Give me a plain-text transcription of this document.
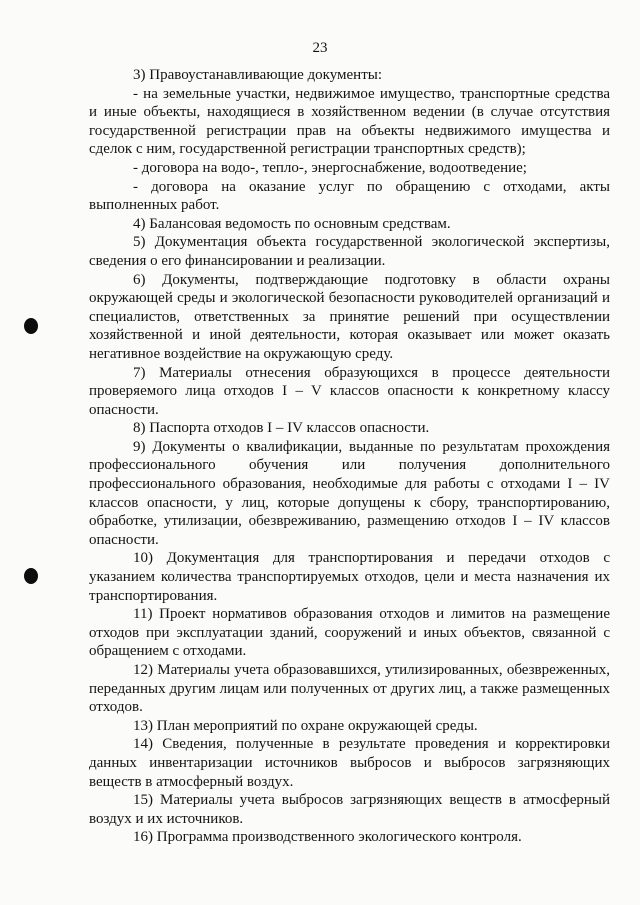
23

3) Правоустанавливающие документы:

- на земельные участки, недвижимое имущество, транспортные средства и иные объекты, находящиеся в хозяйственном ведении (в случае отсутствия государственной регистрации прав на объекты недвижимого имущества и сделок с ним, государственной регистрации транспортных средств);

- договора на водо-, тепло-, энергоснабжение, водоотведение;

- договора на оказание услуг по обращению с отходами, акты выполненных работ.

4) Балансовая ведомость по основным средствам.

5) Документация объекта государственной экологической экспертизы, сведения о его финансировании и реализации.

6) Документы, подтверждающие подготовку в области охраны окружающей среды и экологической безопасности руководителей организаций и специалистов, ответственных за принятие решений при осуществлении хозяйственной и иной деятельности, которая оказывает или может оказать негативное воздействие на окружающую среду.

7) Материалы отнесения образующихся в процессе деятельности проверяемого лица отходов I – V классов опасности к конкретному классу опасности.

8) Паспорта отходов I – IV классов опасности.

9) Документы о квалификации, выданные по результатам прохождения профессионального обучения или получения дополнительного профессионального образования, необходимые для работы с отходами I – IV классов опасности, у лиц, которые допущены к сбору, транспортированию, обработке, утилизации, обезвреживанию, размещению отходов I – IV классов опасности.

10) Документация для транспортирования и передачи отходов с указанием количества транспортируемых отходов, цели и места назначения их транспортирования.

11) Проект нормативов образования отходов и лимитов на размещение отходов при эксплуатации зданий, сооружений и иных объектов, связанной с обращением с отходами.

12) Материалы учета образовавшихся, утилизированных, обезвреженных, переданных другим лицам или полученных от других лиц, а также размещенных отходов.

13) План мероприятий по охране окружающей среды.

14) Сведения, полученные в результате проведения и корректировки данных инвентаризации источников выбросов и выбросов загрязняющих веществ в атмосферный воздух.

15) Материалы учета выбросов загрязняющих веществ в атмосферный воздух и их источников.

16) Программа производственного экологического контроля.
